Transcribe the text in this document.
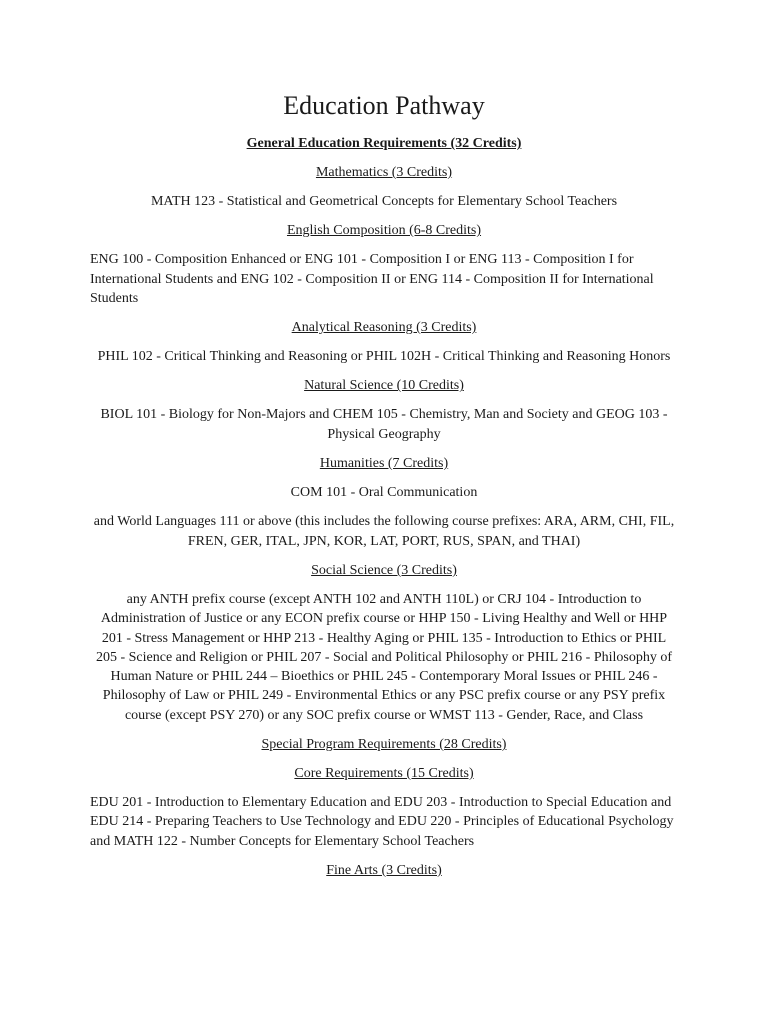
Education Pathway
General Education Requirements (32 Credits)
Mathematics (3 Credits)

MATH 123 - Statistical and Geometrical Concepts for Elementary School Teachers

English Composition (6-8 Credits)

ENG 100 - Composition Enhanced or ENG 101 - Composition I or ENG 113 - Composition I for International Students and ENG 102 - Composition II or ENG 114 - Composition II for International Students

Analytical Reasoning (3 Credits)

PHIL 102 - Critical Thinking and Reasoning or PHIL 102H - Critical Thinking and Reasoning Honors

Natural Science (10 Credits)

BIOL 101 - Biology for Non-Majors and CHEM 105 - Chemistry, Man and Society and GEOG 103 - Physical Geography

Humanities (7 Credits)

COM 101 - Oral Communication

and World Languages 111 or above (this includes the following course prefixes: ARA, ARM, CHI, FIL, FREN, GER, ITAL, JPN, KOR, LAT, PORT, RUS, SPAN, and THAI)

Social Science (3 Credits)

any ANTH prefix course (except ANTH 102 and ANTH 110L) or CRJ 104 - Introduction to Administration of Justice or any ECON prefix course or HHP 150 - Living Healthy and Well or HHP 201 - Stress Management or HHP 213 - Healthy Aging or PHIL 135 - Introduction to Ethics or PHIL 205 - Science and Religion or PHIL 207 - Social and Political Philosophy or PHIL 216 - Philosophy of Human Nature or PHIL 244 – Bioethics or PHIL 245 - Contemporary Moral Issues or PHIL 246 - Philosophy of Law or PHIL 249 - Environmental Ethics or any PSC prefix course or any PSY prefix course (except PSY 270) or any SOC prefix course or WMST 113 - Gender, Race, and Class

Special Program Requirements (28 Credits)
Core Requirements (15 Credits)

EDU 201 - Introduction to Elementary Education and EDU 203 - Introduction to Special Education and EDU 214 - Preparing Teachers to Use Technology and EDU 220 - Principles of Educational Psychology and MATH 122 - Number Concepts for Elementary School Teachers

Fine Arts (3 Credits)
